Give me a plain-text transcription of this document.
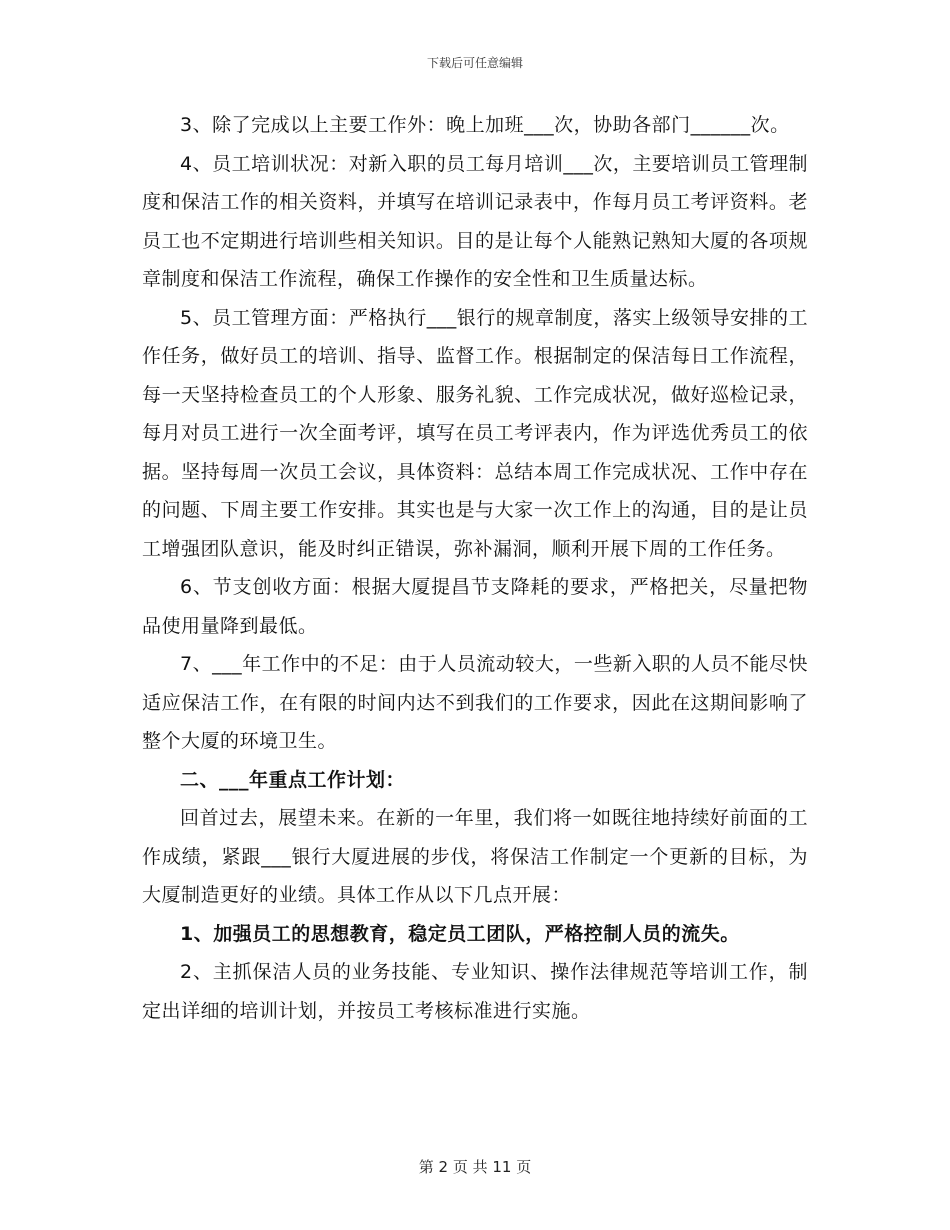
下载后可任意编辑

3、除了完成以上主要工作外：晚上加班___次，协助各部门______次。

4、员工培训状况：对新入职的员工每月培训___次，主要培训员工管理制度和保洁工作的相关资料，并填写在培训记录表中，作每月员工考评资料。老员工也不定期进行培训些相关知识。目的是让每个人能熟记熟知大厦的各项规章制度和保洁工作流程，确保工作操作的安全性和卫生质量达标。

5、员工管理方面：严格执行___银行的规章制度，落实上级领导安排的工作任务，做好员工的培训、指导、监督工作。根据制定的保洁每日工作流程，每一天坚持检查员工的个人形象、服务礼貌、工作完成状况，做好巡检记录，每月对员工进行一次全面考评，填写在员工考评表内，作为评选优秀员工的依据。坚持每周一次员工会议，具体资料：总结本周工作完成状况、工作中存在的问题、下周主要工作安排。其实也是与大家一次工作上的沟通，目的是让员工增强团队意识，能及时纠正错误，弥补漏洞，顺利开展下周的工作任务。

6、节支创收方面：根据大厦提昌节支降耗的要求，严格把关，尽量把物品使用量降到最低。

7、___年工作中的不足：由于人员流动较大，一些新入职的人员不能尽快适应保洁工作，在有限的时间内达不到我们的工作要求，因此在这期间影响了整个大厦的环境卫生。

二、___年重点工作计划：

回首过去，展望未来。在新的一年里，我们将一如既往地持续好前面的工作成绩，紧跟___银行大厦进展的步伐，将保洁工作制定一个更新的目标，为大厦制造更好的业绩。具体工作从以下几点开展：

1、加强员工的思想教育，稳定员工团队，严格控制人员的流失。

2、主抓保洁人员的业务技能、专业知识、操作法律规范等培训工作，制定出详细的培训计划，并按员工考核标准进行实施。

第 2 页 共 11 页
